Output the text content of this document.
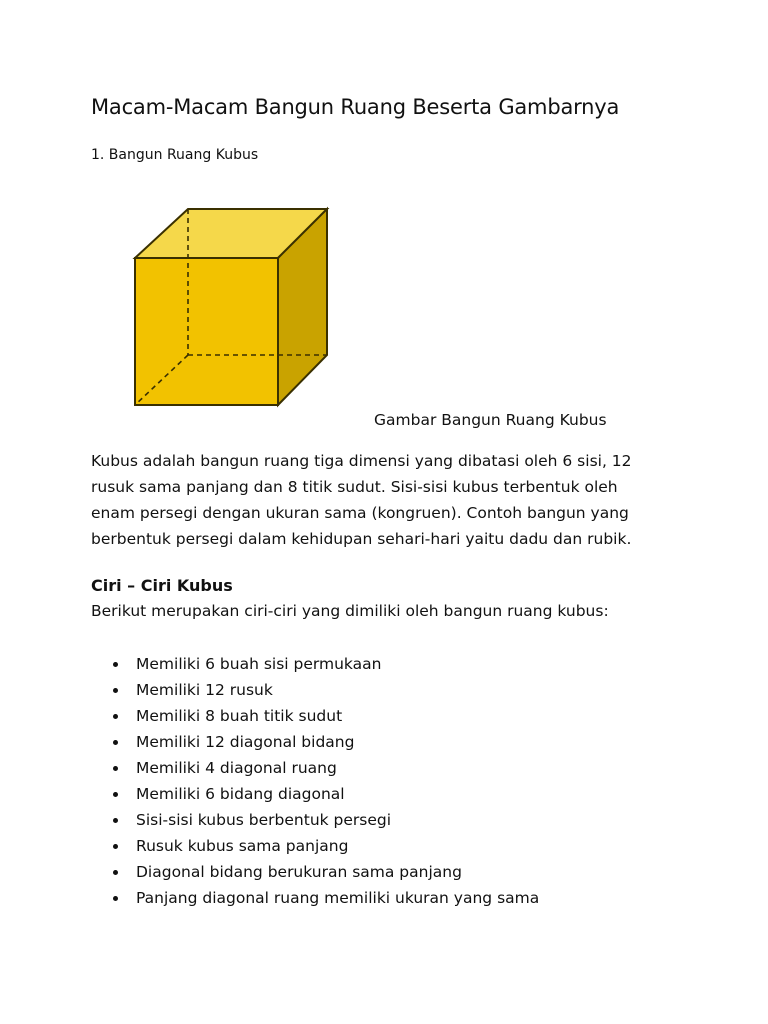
Macam-Macam Bangun Ruang Beserta Gambarnya
1. Bangun Ruang Kubus
Gambar Bangun Ruang Kubus

Kubus adalah bangun ruang tiga dimensi yang dibatasi oleh 6 sisi, 12
rusuk sama panjang dan 8 titik sudut. Sisi-sisi kubus terbentuk oleh
enam persegi dengan ukuran sama (kongruen). Contoh bangun yang
berbentuk persegi dalam kehidupan sehari-hari yaitu dadu dan rubik.

Ciri – Ciri Kubus
Berikut merupakan ciri-ciri yang dimiliki oleh bangun ruang kubus:
Memiliki 6 buah sisi permukaan
Memiliki 12 rusuk
Memiliki 8 buah titik sudut
Memiliki 12 diagonal bidang
Memiliki 4 diagonal ruang
Memiliki 6 bidang diagonal
Sisi-sisi kubus berbentuk persegi
Rusuk kubus sama panjang
Diagonal bidang berukuran sama panjang
Panjang diagonal ruang memiliki ukuran yang sama
